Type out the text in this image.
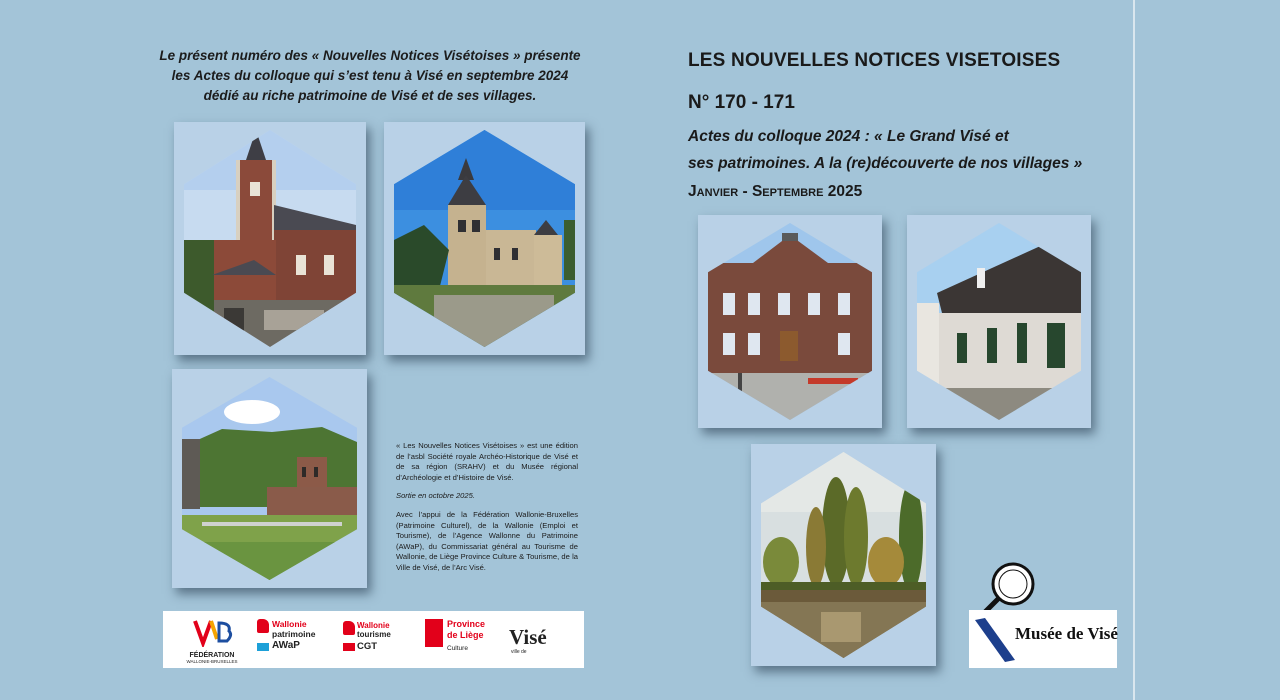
Le présent numéro des « Nouvelles Notices Visétoises » présente
les Actes du colloque qui s’est tenu à Visé en septembre 2024
dédié au riche patrimoine de Visé et de ses villages.

« Les Nouvelles Notices Visétoises » est une édition de l’asbl Société royale Archéo-Historique de Visé et de sa région (SRAHV) et du Musée régional d’Archéologie et d’Histoire de Visé.

Sortie en octobre 2025.

Avec l’appui de la Fédération Wallonie-Bruxelles (Patrimoine Culturel), de la Wallonie (Emploi et Tourisme), de l’Agence Wallonne du Patrimoine (AWaP), du Commissariat général au Tourisme de Wallonie, de Liège Province Culture & Tourisme, de la Ville de Visé, de l’Arc Visé.

FÉDÉRATION
WALLONIE-BRUXELLES
Wallonie
patrimoine
AWaP
Wallonie
tourisme
CGT
Province
de Liège
Culture Visé
ville de
LES NOUVELLES NOTICES VISETOISES
N° 170 - 171
Actes du colloque 2024 : « Le Grand Visé et
ses patrimoines. A la (re)découverte de nos villages »
Janvier - Septembre 2025
Musée de Visé
